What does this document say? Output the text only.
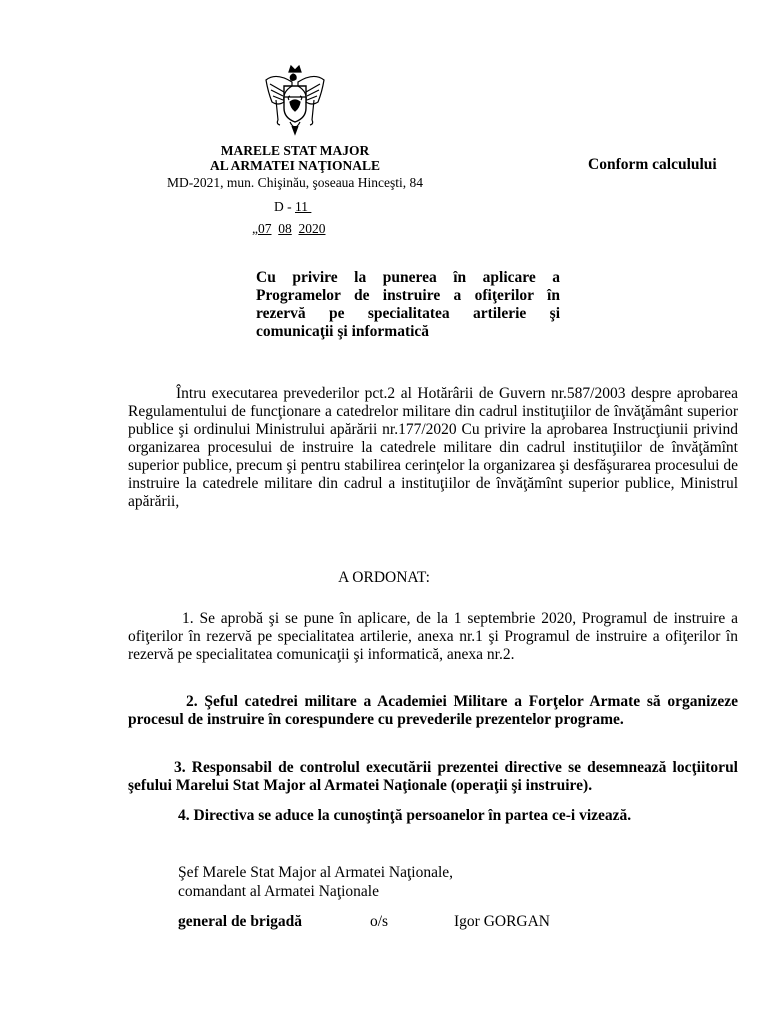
MARELE STAT MAJOR
AL ARMATEI NAŢIONALE
MD-2021, mun. Chişinău, şoseaua Hinceşti, 84
Conform calculului
D - 11
„07 08 2020
Cu privire la punerea în aplicare a Programelor de instruire a ofiţerilor în rezervă pe specialitatea artilerie şi comunicaţii şi informatică
Întru executarea prevederilor pct.2 al Hotărârii de Guvern nr.587/2003 despre aprobarea Regulamentului de funcţionare a catedrelor militare din cadrul instituţiilor de învăţământ superior publice şi ordinului Ministrului apărării nr.177/2020 Cu privire la aprobarea Instrucţiunii privind organizarea procesului de instruire la catedrele militare din cadrul instituţiilor de învăţămînt superior publice, precum şi pentru stabilirea cerinţelor la organizarea şi desfăşurarea procesului de instruire la catedrele militare din cadrul a instituţiilor de învăţămînt superior publice, Ministrul apărării,
A ORDONAT:
1. Se aprobă şi se pune în aplicare, de la 1 septembrie 2020, Programul de instruire a ofiţerilor în rezervă pe specialitatea artilerie, anexa nr.1 şi Programul de instruire a ofiţerilor în rezervă pe specialitatea comunicaţii şi informatică, anexa nr.2.
2. Şeful catedrei militare a Academiei Militare a Forţelor Armate să organizeze procesul de instruire în corespundere cu prevederile prezentelor programe.
3. Responsabil de controlul executării prezentei directive se desemnează locţiitorul şefului Marelui Stat Major al Armatei Naţionale (operaţii şi instruire).
4. Directiva se aduce la cunoştinţă persoanelor în partea ce-i vizează.
Şef Marele Stat Major al Armatei Naţionale,
comandant al Armatei Naţionale
general de brigadă	o/s	Igor GORGAN
